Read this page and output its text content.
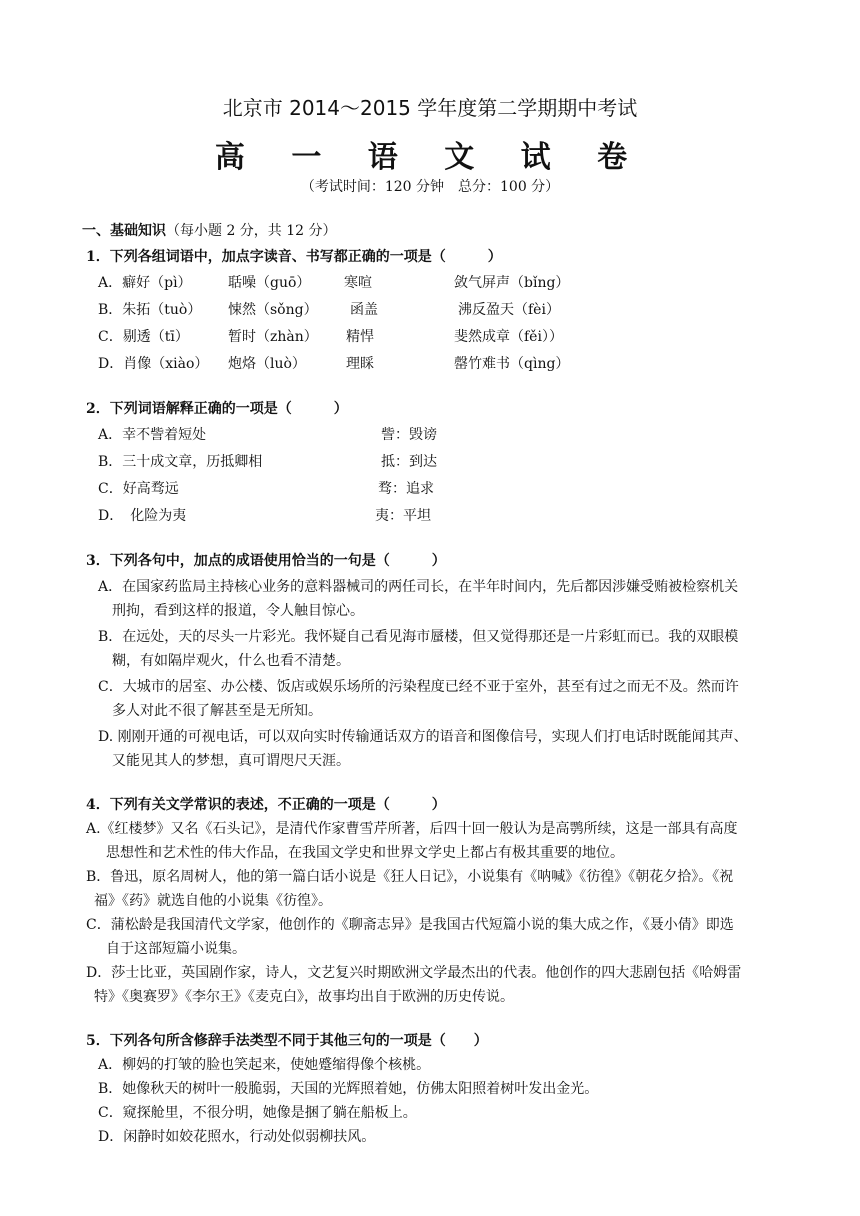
北京市 2014～2015 学年度第二学期期中考试
高 一 语 文 试 卷
（考试时间：120 分钟　总分：100 分）
一、基础知识（每小题 2 分，共 12 分）
1．下列各组词语中，加点字读音、书写都正确的一项是（　　　）
A．癖好（pì）	聒噪（guō） 寒喧	敛气屏声（bǐng）
B．朱拓（tuò） 悚然（sǒng） 函盖	沸反盈天（fèi）
C．剔透（tī）	暂时（zhàn） 精悍	斐然成章（fěi））
D．肖像（xiào） 炮烙（luò）	理睬	罄竹难书（qìng）
2．下列词语解释正确的一项是（　　　）
A．幸不訾着短处	訾：毁谤
B．三十成文章，历抵卿相	抵：到达
C．好高骛远	骛：追求
D．　化险为夷	夷：平坦
3．下列各句中，加点的成语使用恰当的一句是（　　　）
A．在国家药监局主持核心业务的意料器械司的两任司长，在半年时间内，先后都因涉嫌受贿被检察机关
刑拘，看到这样的报道，令人触目惊心。
B．在远处，天的尽头一片彩光。我怀疑自己看见海市蜃楼，但又觉得那还是一片彩虹而已。我的双眼模
糊，有如隔岸观火，什么也看不清楚。
C．大城市的居室、办公楼、饭店或娱乐场所的污染程度已经不亚于室外，甚至有过之而无不及。然而许
多人对此不很了解甚至是无所知。
D. 刚刚开通的可视电话，可以双向实时传输通话双方的语音和图像信号，实现人们打电话时既能闻其声、
又能见其人的梦想，真可谓咫尺天涯。
4．下列有关文学常识的表述，不正确的一项是（　　　）
A.《红楼梦》又名《石头记》，是清代作家曹雪芹所著，后四十回一般认为是高鹗所续，这是一部具有高度
思想性和艺术性的伟大作品，在我国文学史和世界文学史上都占有极其重要的地位。
B．鲁迅，原名周树人，他的第一篇白话小说是《狂人日记》，小说集有《呐喊》《彷徨》《朝花夕拾》。《祝
福》《药》就选自他的小说集《彷徨》。
C．蒲松龄是我国清代文学家，他创作的《聊斋志异》是我国古代短篇小说的集大成之作，《聂小倩》即选
自于这部短篇小说集。
D．莎士比亚，英国剧作家，诗人，文艺复兴时期欧洲文学最杰出的代表。他创作的四大悲剧包括《哈姆雷
特》《奥赛罗》《李尔王》《麦克白》，故事均出自于欧洲的历史传说。
5．下列各句所含修辞手法类型不同于其他三句的一项是（　　）
A．柳妈的打皱的脸也笑起来，使她蹙缩得像个核桃。
B．她像秋天的树叶一般脆弱，天国的光辉照着她，仿佛太阳照着树叶发出金光。
C．窥探舱里，不很分明，她像是捆了躺在船板上。
D．闲静时如姣花照水，行动处似弱柳扶风。
